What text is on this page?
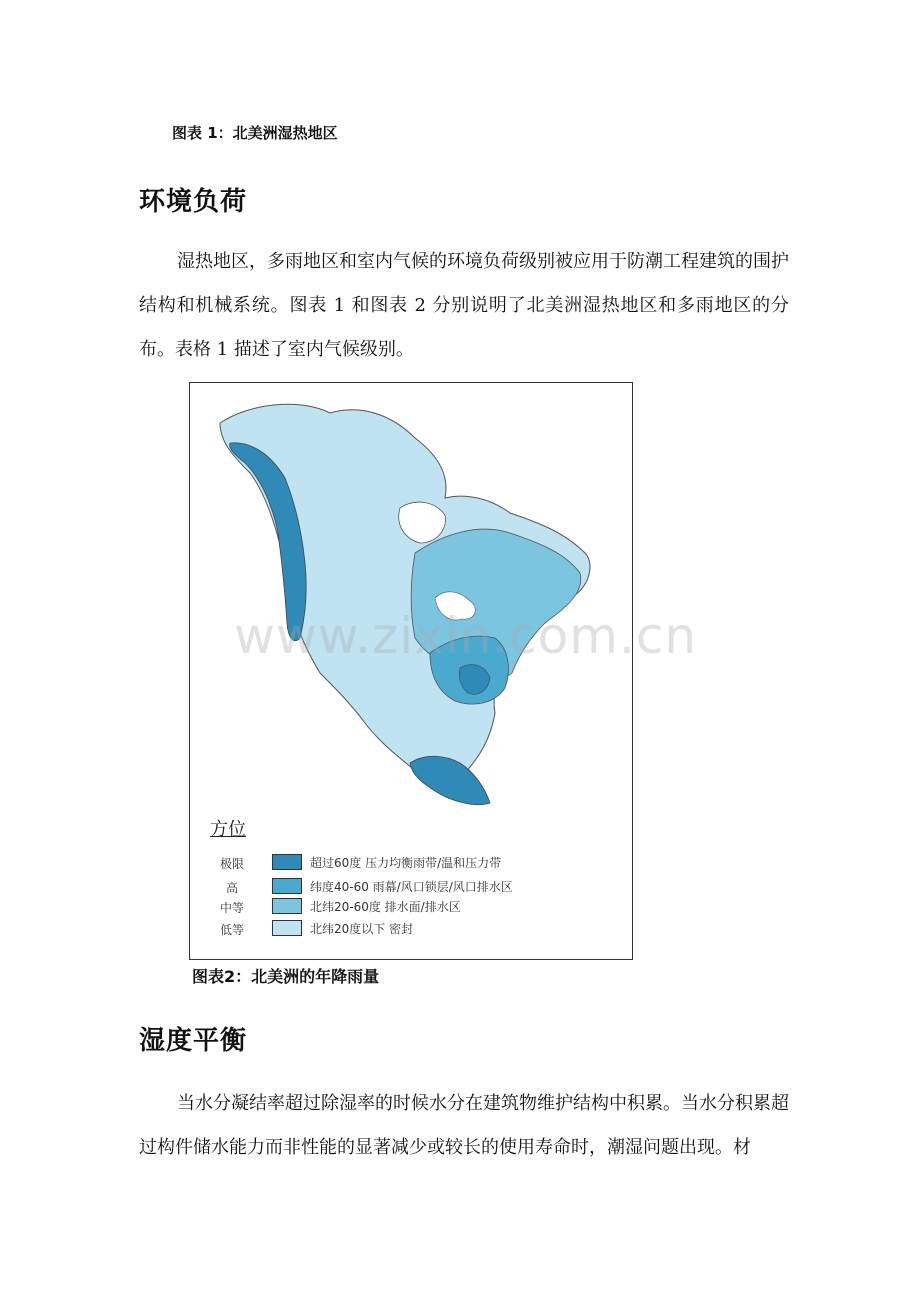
图表 1：北美洲湿热地区
环境负荷

湿热地区，多雨地区和室内气候的环境负荷级别被应用于防潮工程建筑的围护结构和机械系统。图表 1 和图表 2 分别说明了北美洲湿热地区和多雨地区的分布。表格 1 描述了室内气候级别。

www.zixin.com.cn
方位
极限	超过60度 压力均衡雨带/温和压力带
高	纬度40-60 雨幕/风口锁层/风口排水区
中等	北纬20-60度 排水面/排水区
低等	北纬20度以下 密封
图表2：北美洲的年降雨量
湿度平衡

当水分凝结率超过除湿率的时候水分在建筑物维护结构中积累。当水分积累超过构件储水能力而非性能的显著减少或较长的使用寿命时，潮湿问题出现。材
